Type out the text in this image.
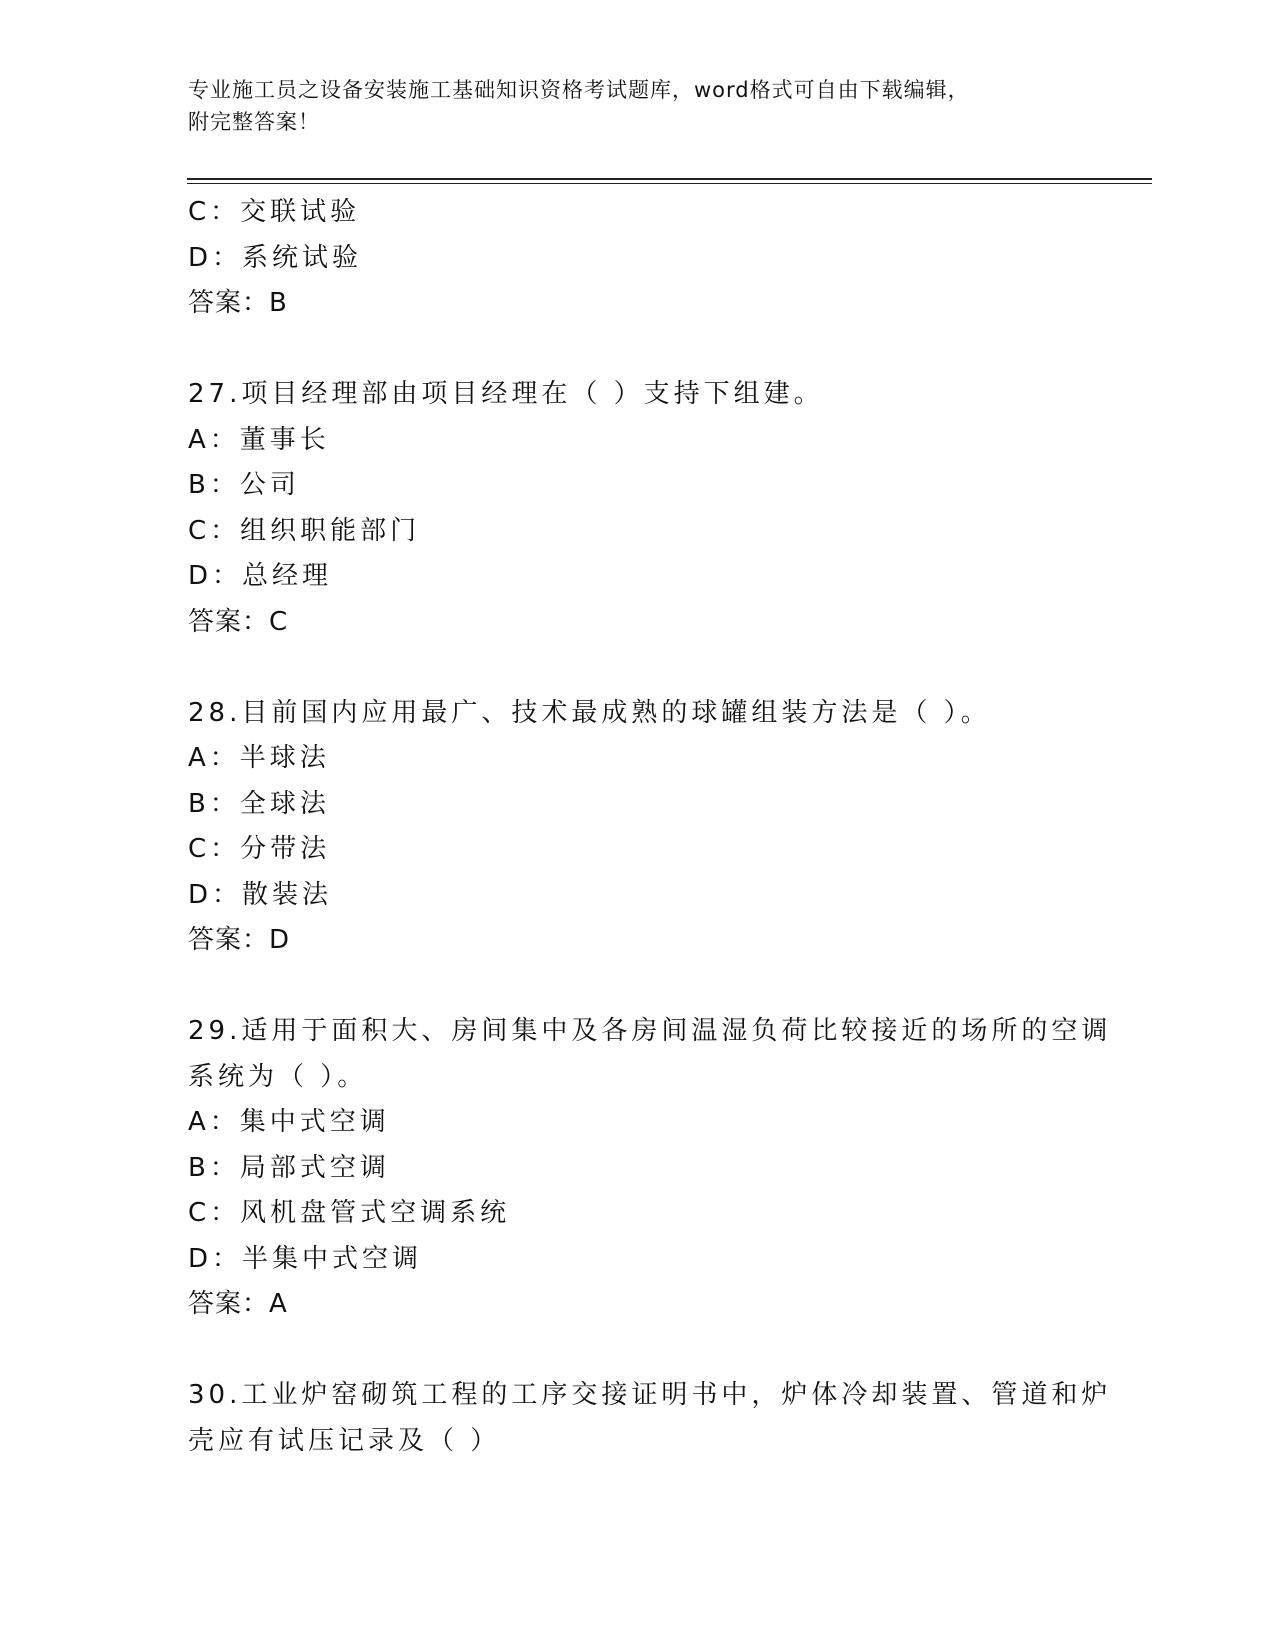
专业施工员之设备安装施工基础知识资格考试题库，word格式可自由下载编辑，
附完整答案！
C：交联试验
D：系统试验
答案：B
27.项目经理部由项目经理在（ ）支持下组建。
A：董事长
B：公司
C：组织职能部门
D：总经理
答案：C
28.目前国内应用最广、技术最成熟的球罐组装方法是（ ）。
A：半球法
B：全球法
C：分带法
D：散装法
答案：D
29.适用于面积大、房间集中及各房间温湿负荷比较接近的场所的空调
系统为（ ）。
A：集中式空调
B：局部式空调
C：风机盘管式空调系统
D：半集中式空调
答案：A
30.工业炉窑砌筑工程的工序交接证明书中，炉体冷却装置、管道和炉
壳应有试压记录及（ ）
